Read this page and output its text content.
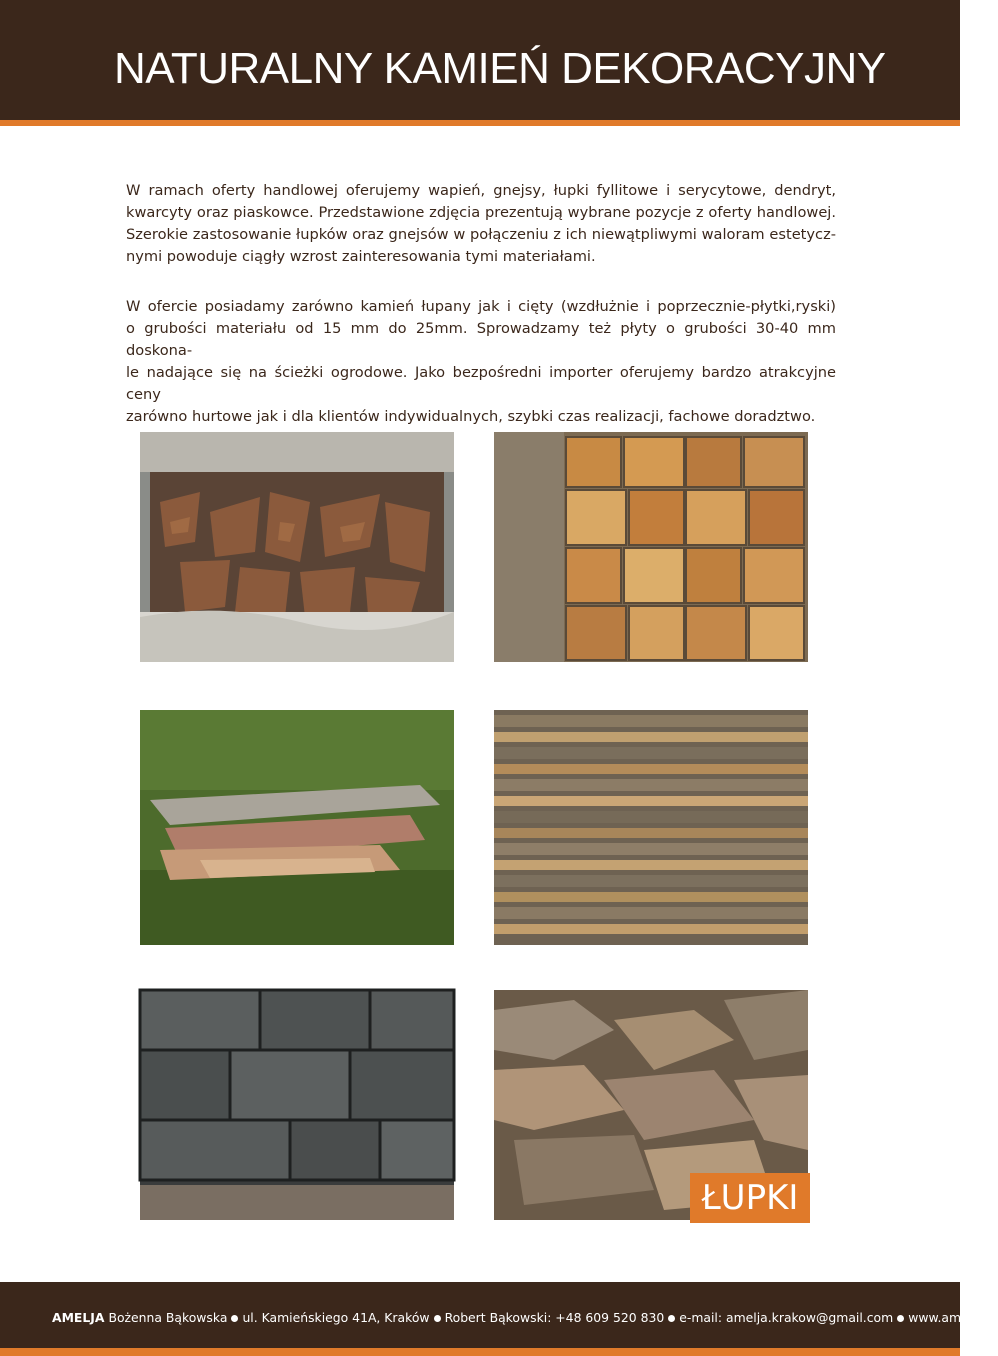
NATURALNY KAMIEŃ DEKORACYJNY
W ramach oferty handlowej oferujemy wapień, gnejsy, łupki fyllitowe i serycytowe, dendryt,
kwarcyty oraz piaskowce. Przedstawione zdjęcia prezentują wybrane pozycje z oferty handlowej.
Szerokie zastosowanie łupków oraz gnejsów w połączeniu z ich niewątpliwymi waloram estetycz-
nymi powoduje ciągły wzrost zainteresowania tymi materiałami.
W ofercie posiadamy zarówno kamień łupany jak i cięty (wzdłużnie i poprzecznie-płytki,ryski)
o grubości materiału od 15 mm do 25mm. Sprowadzamy też płyty o grubości 30-40 mm doskona-
le nadające się na ścieżki ogrodowe. Jako bezpośredni importer oferujemy bardzo atrakcyjne ceny
zarówno hurtowe jak i dla klientów indywidualnych, szybki czas realizacji, fachowe doradztwo.
ŁUPKI
AMELJA Bożenna Bąkowska ul. Kamieńskiego 41A, Kraków Robert Bąkowski: +48 609 520 830 e-mail: amelja.krakow@gmail.com www.amelja.pl
